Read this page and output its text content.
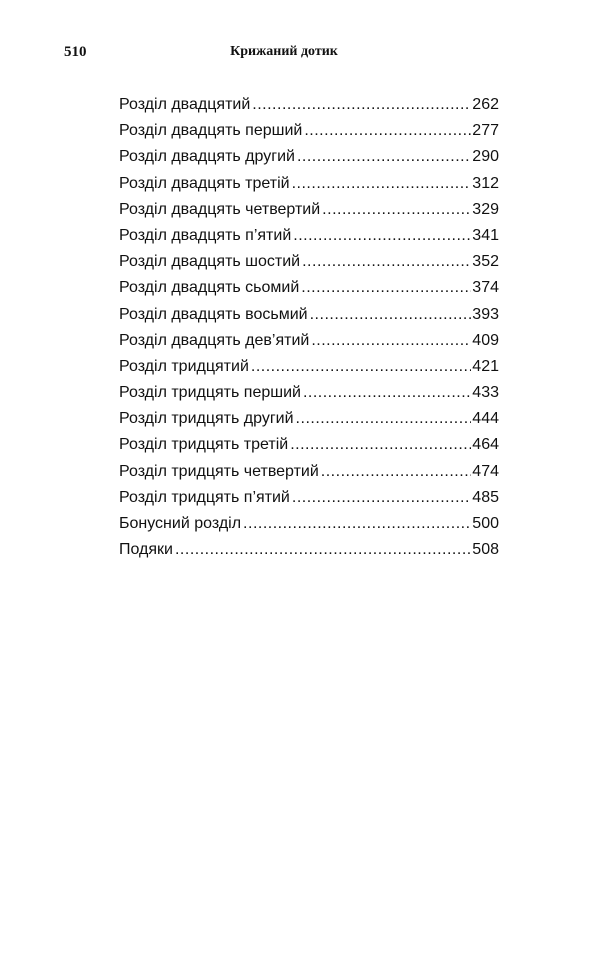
510	Крижаний дотик
Розділ двадцятий .....	262
Розділ двадцять перший .....	277
Розділ двадцять другий .....	290
Розділ двадцять третій .....	312
Розділ двадцять четвертий .....	329
Розділ двадцять п’ятий .....	341
Розділ двадцять шостий .....	352
Розділ двадцять сьомий .....	374
Розділ двадцять восьмий .....	393
Розділ двадцять дев’ятий .....	409
Розділ тридцятий .....	421
Розділ тридцять перший .....	433
Розділ тридцять другий .....	444
Розділ тридцять третій .....	464
Розділ тридцять четвертий .....	474
Розділ тридцять п’ятий .....	485
Бонусний розділ .....	500
Подяки .....	508
